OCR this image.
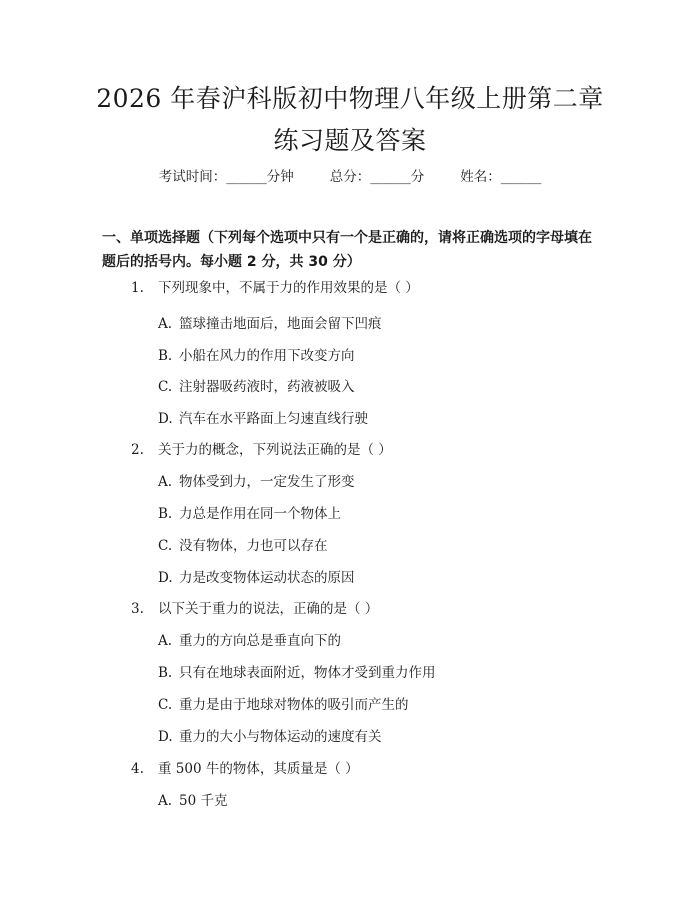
2026 年春沪科版初中物理八年级上册第二章
练习题及答案
考试时间：______分钟	总分：______分	姓名：______
一、单项选择题（下列每个选项中只有一个是正确的，请将正确选项的字母填在题后的括号内。每小题 2 分，共 30 分）
1. 下列现象中，不属于力的作用效果的是（ ）
A. 篮球撞击地面后，地面会留下凹痕
B. 小船在风力的作用下改变方向
C. 注射器吸药液时，药液被吸入
D. 汽车在水平路面上匀速直线行驶
2. 关于力的概念，下列说法正确的是（ ）
A. 物体受到力，一定发生了形变
B. 力总是作用在同一个物体上
C. 没有物体，力也可以存在
D. 力是改变物体运动状态的原因
3. 以下关于重力的说法，正确的是（ ）
A. 重力的方向总是垂直向下的
B. 只有在地球表面附近，物体才受到重力作用
C. 重力是由于地球对物体的吸引而产生的
D. 重力的大小与物体运动的速度有关
4. 重 500 牛的物体，其质量是（ ）
A. 50 千克
